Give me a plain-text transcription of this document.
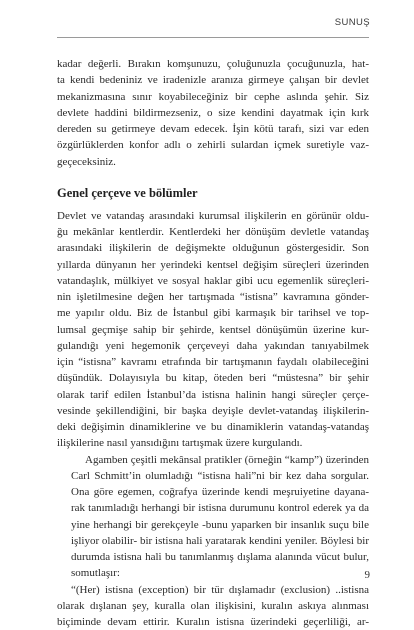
SUNUŞ

kadar değerli. Bırakın komşunuzu, çoluğunuzla çocuğunuzla, hat-
ta kendi bedeniniz ve iradenizle aranıza girmeye çalışan bir devlet
mekanizmasına sınır koyabileceğiniz bir cephe aslında şehir. Siz
devlete haddini bildirmezseniz, o size kendini dayatmak için kırk
dereden su getirmeye devam edecek. İşin kötü tarafı, sizi var eden
özgürlüklerden konfor adlı o zehirli sulardan içmek suretiyle vaz-
geçeceksiniz.

Genel çerçeve ve bölümler

Devlet ve vatandaş arasındaki kurumsal ilişkilerin en görünür oldu-
ğu mekânlar kentlerdir. Kentlerdeki her dönüşüm devletle vatandaş
arasındaki ilişkilerin de değişmekte olduğunun göstergesidir. Son
yıllarda dünyanın her yerindeki kentsel değişim süreçleri üzerinden
vatandaşlık, mülkiyet ve sosyal haklar gibi ucu egemenlik süreçleri-
nin işletilmesine değen her tartışmada “istisna” kavramına gönder-
me yapılır oldu. Biz de İstanbul gibi karmaşık bir tarihsel ve top-
lumsal geçmişe sahip bir şehirde, kentsel dönüşümün üzerine kur-
gulandığı yeni hegemonik çerçeveyi daha yakından tanıyabilmek
için “istisna” kavramı etrafında bir tartışmanın faydalı olabileceğini
düşündük. Dolayısıyla bu kitap, öteden beri “müstesna” bir şehir
olarak tarif edilen İstanbul’da istisna halinin hangi süreçler çerçe-
vesinde şekillendiğini, bir başka deyişle devlet-vatandaş ilişkilerin-
deki değişimin dinamiklerine ve bu dinamiklerin vatandaş-vatandaş
ilişkilerine nasıl yansıdığını tartışmak üzere kurgulandı.

Agamben çeşitli mekânsal pratikler (örneğin “kamp”) üzerinden
Carl Schmitt’in olumladığı “istisna hali”ni bir kez daha sorgular.
Ona göre egemen, coğrafya üzerinde kendi meşruiyetine dayana-
rak tanımladığı herhangi bir istisna durumunu kontrol ederek ya da
yine herhangi bir gerekçeyle -bunu yaparken bir insanlık suçu bile
işliyor olabilir- bir istisna hali yaratarak kendini yeniler. Böylesi bir
durumda istisna hali bu tanımlanmış dışlama alanında vücut bulur,
somutlaşır:

“(Her) istisna (exception) bir tür dışlamadır (exclusion) ..istisna
olarak dışlanan şey, kuralla olan ilişkisini, kuralın askıya alınması
biçiminde devam ettirir. Kuralın istisna üzerindeki geçerliliği, ar-

9
